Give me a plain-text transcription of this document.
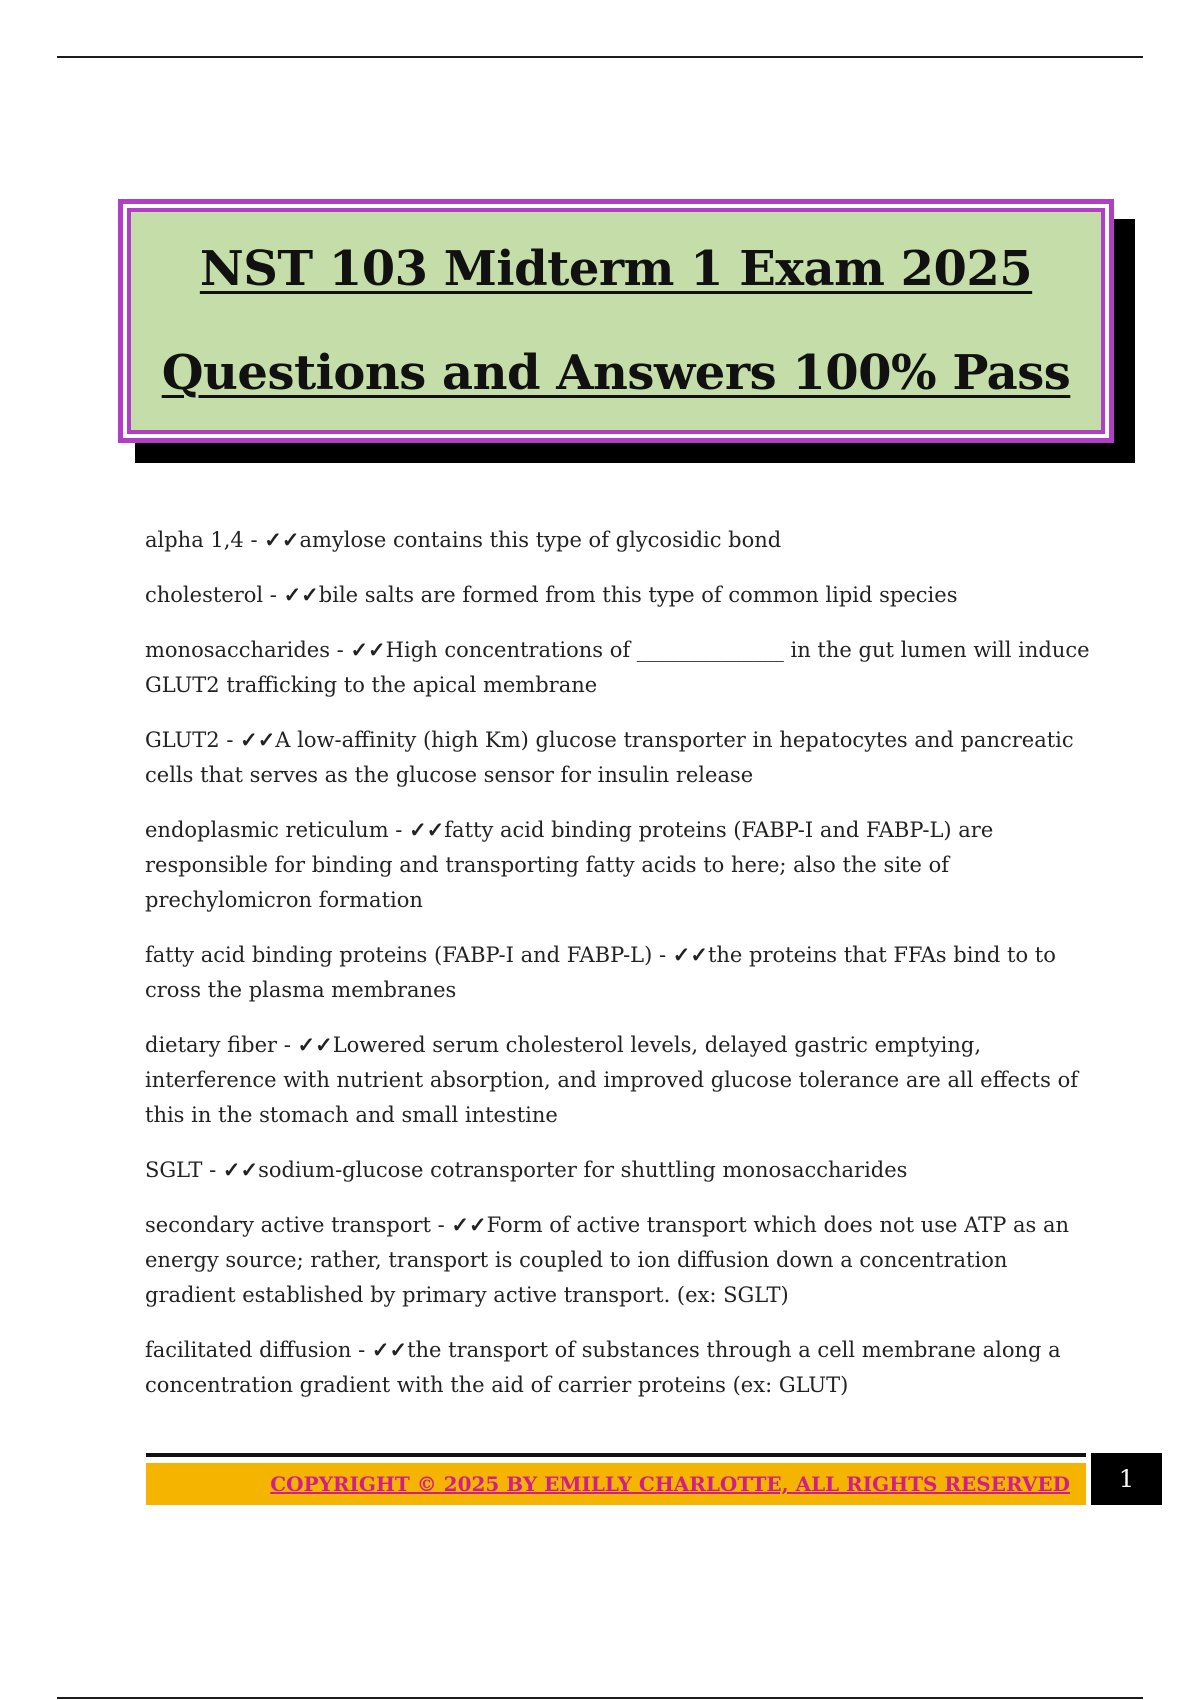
NST 103 Midterm 1 Exam 2025
Questions and Answers 100% Pass
alpha 1,4 - ✓✓amylose contains this type of glycosidic bond
cholesterol - ✓✓bile salts are formed from this type of common lipid species
monosaccharides - ✓✓High concentrations of ______________ in the gut lumen will induce GLUT2 trafficking to the apical membrane
GLUT2 - ✓✓A low-affinity (high Km) glucose transporter in hepatocytes and pancreatic cells that serves as the glucose sensor for insulin release
endoplasmic reticulum - ✓✓fatty acid binding proteins (FABP-I and FABP-L) are responsible for binding and transporting fatty acids to here; also the site of prechylomicron formation
fatty acid binding proteins (FABP-I and FABP-L) - ✓✓the proteins that FFAs bind to to cross the plasma membranes
dietary fiber - ✓✓Lowered serum cholesterol levels, delayed gastric emptying, interference with nutrient absorption, and improved glucose tolerance are all effects of this in the stomach and small intestine
SGLT - ✓✓sodium-glucose cotransporter for shuttling monosaccharides
secondary active transport - ✓✓Form of active transport which does not use ATP as an energy source; rather, transport is coupled to ion diffusion down a concentration gradient established by primary active transport. (ex: SGLT)
facilitated diffusion - ✓✓the transport of substances through a cell membrane along a concentration gradient with the aid of carrier proteins (ex: GLUT)
COPYRIGHT © 2025 BY EMILLY CHARLOTTE, ALL RIGHTS RESERVED	1
